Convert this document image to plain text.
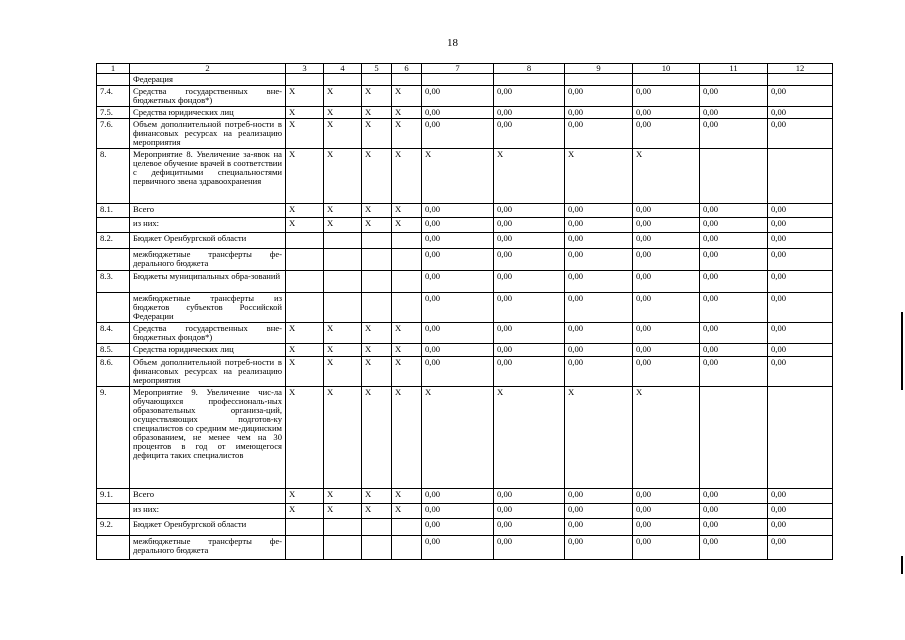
18
1	2	3	4	5	6	7	8	9	10	11	12
	Федерация										
7.4.	Средства государственных вне-бюджетных фондов*)	X	X	X	X	0,00	0,00	0,00	0,00	0,00	0,00
7.5.	Средства юридических лиц	X	X	X	X	0,00	0,00	0,00	0,00	0,00	0,00
7.6.	Объем дополнительной потреб-ности в финансовых ресурсах на реализацию мероприятия	X	X	X	X	0,00	0,00	0,00	0,00	0,00	0,00
8.	Мероприятие 8. Увеличение за-явок на целевое обучение врачей в соответствии с дефицитными специальностями первичного звена здравоохранения	X	X	X	X	X	X	X	X		
8.1.	Всего	X	X	X	X	0,00	0,00	0,00	0,00	0,00	0,00
	из них:	X	X	X	X	0,00	0,00	0,00	0,00	0,00	0,00
8.2.	Бюджет Оренбургской области					0,00	0,00	0,00	0,00	0,00	0,00
	межбюджетные трансферты фе-дерального бюджета					0,00	0,00	0,00	0,00	0,00	0,00
8.3.	Бюджеты муниципальных обра-зований					0,00	0,00	0,00	0,00	0,00	0,00
	межбюджетные трансферты из бюджетов субъектов Российской Федерации					0,00	0,00	0,00	0,00	0,00	0,00
8.4.	Средства государственных вне-бюджетных фондов*)	X	X	X	X	0,00	0,00	0,00	0,00	0,00	0,00
8.5.	Средства юридических лиц	X	X	X	X	0,00	0,00	0,00	0,00	0,00	0,00
8.6.	Объем дополнительной потреб-ности в финансовых ресурсах на реализацию мероприятия	X	X	X	X	0,00	0,00	0,00	0,00	0,00	0,00
9.	Мероприятие 9. Увеличение чис-ла обучающихся профессиональ-ных образовательных организа-ций, осуществляющих подготов-ку специалистов со средним ме-дицинским образованием, не менее чем на 30 процентов в год от имеющегося дефицита таких специалистов	X	X	X	X	X	X	X	X		
9.1.	Всего	X	X	X	X	0,00	0,00	0,00	0,00	0,00	0,00
	из них:	X	X	X	X	0,00	0,00	0,00	0,00	0,00	0,00
9.2.	Бюджет Оренбургской области					0,00	0,00	0,00	0,00	0,00	0,00
	межбюджетные трансферты фе-дерального бюджета					0,00	0,00	0,00	0,00	0,00	0,00
